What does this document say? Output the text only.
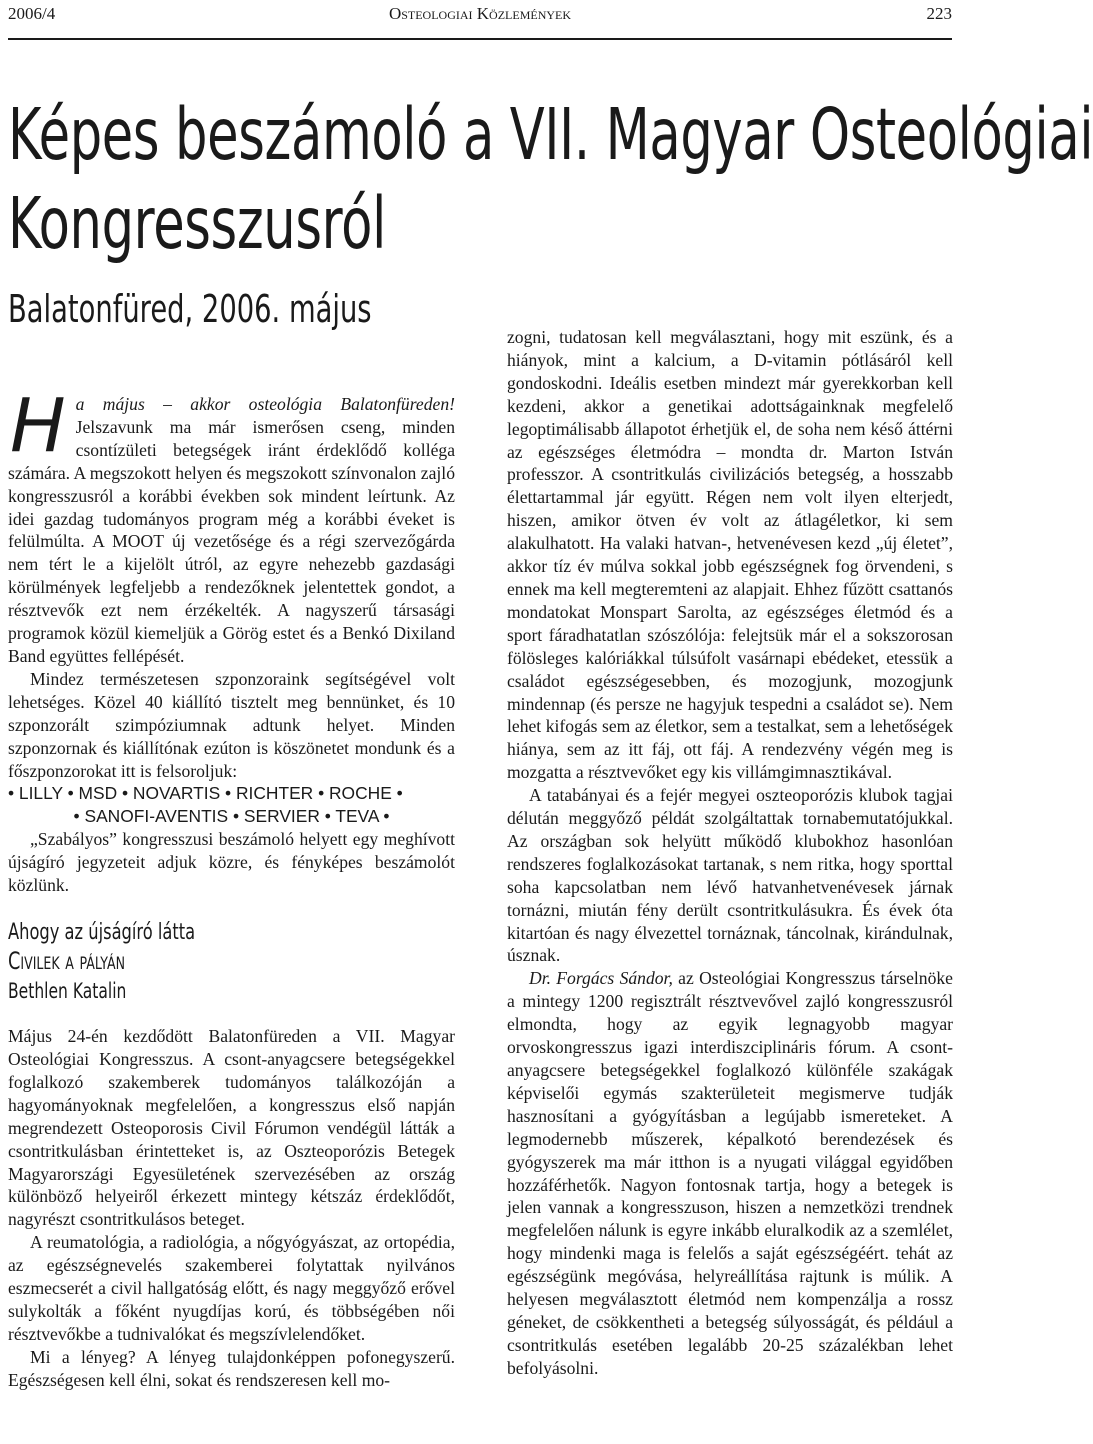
2006/4	Osteologiai Közlemények	223
Képes beszámoló a VII. Magyar Osteológiai
Kongresszusról
Balatonfüred, 2006. május

Ha május – akkor osteológia Balatonfüreden! Jelszavunk ma már ismerősen cseng, minden csontízületi betegségek iránt érdeklődő kolléga számára. A megszokott helyen és megszokott színvonalon zajló kongresszusról a korábbi években sok mindent leírtunk. Az idei gazdag tudományos program még a korábbi éveket is felülmúlta. A MOOT új vezetősége és a régi szervezőgárda nem tért le a kijelölt útról, az egyre nehezebb gazdasági körülmények legfeljebb a rendezőknek jelentettek gondot, a résztvevők ezt nem érzékelték. A nagyszerű társasági programok közül kiemeljük a Görög estet és a Benkó Dixiland Band együttes fellépését.

Mindez természetesen szponzoraink segítségével volt lehetséges. Közel 40 kiállító tisztelt meg bennünket, és 10 szponzorált szimpóziumnak adtunk helyet. Minden szponzornak és kiállítónak ezúton is köszönetet mondunk és a főszponzorokat itt is felsoroljuk:

• LILLY • MSD • NOVARTIS • RICHTER • ROCHE •
• SANOFI-AVENTIS • SERVIER • TEVA •

„Szabályos” kongresszusi beszámoló helyett egy meghívott újságíró jegyzeteit adjuk közre, és fényképes beszámolót közlünk.

Ahogy az újságíró látta
Civilek a pályán
Bethlen Katalin

Május 24-én kezdődött Balatonfüreden a VII. Magyar Osteológiai Kongresszus. A csont-anyagcsere betegségekkel foglalkozó szakemberek tudományos találkozóján a hagyományoknak megfelelően, a kongresszus első napján megrendezett Osteoporosis Civil Fórumon vendégül látták a csontritkulásban érintetteket is, az Oszteoporózis Betegek Magyarországi Egyesületének szervezésében az ország különböző helyeiről érkezett mintegy kétszáz érdeklődőt, nagyrészt csontritkulásos beteget.

A reumatológia, a radiológia, a nőgyógyászat, az ortopédia, az egészségnevelés szakemberei folytattak nyilvános eszmecserét a civil hallgatóság előtt, és nagy meggyőző erővel sulykolták a főként nyugdíjas korú, és többségében női résztvevőkbe a tudnivalókat és megszívlelendőket.

Mi a lényeg? A lényeg tulajdonképpen pofonegyszerű. Egészségesen kell élni, sokat és rendszeresen kell mo-

zogni, tudatosan kell megválasztani, hogy mit eszünk, és a hiányok, mint a kalcium, a D-vitamin pótlásáról kell gondoskodni. Ideális esetben mindezt már gyerekkorban kell kezdeni, akkor a genetikai adottságainknak megfelelő legoptimálisabb állapotot érhetjük el, de soha nem késő áttérni az egészséges életmódra – mondta dr. Marton István professzor. A csontritkulás civilizációs betegség, a hosszabb élettartammal jár együtt. Régen nem volt ilyen elterjedt, hiszen, amikor ötven év volt az átlagéletkor, ki sem alakulhatott. Ha valaki hatvan-, hetvenévesen kezd „új életet”, akkor tíz év múlva sokkal jobb egészségnek fog örvendeni, s ennek ma kell megteremteni az alapjait. Ehhez fűzött csattanós mondatokat Monspart Sarolta, az egészséges életmód és a sport fáradhatatlan szószólója: felejtsük már el a sokszorosan fölösleges kalóriákkal túlsúfolt vasárnapi ebédeket, etessük a családot egészségesebben, és mozogjunk, mozogjunk mindennap (és persze ne hagyjuk tespedni a családot se). Nem lehet kifogás sem az életkor, sem a testalkat, sem a lehetőségek hiánya, sem az itt fáj, ott fáj. A rendezvény végén meg is mozgatta a résztvevőket egy kis villámgimnasztikával.

A tatabányai és a fejér megyei oszteoporózis klubok tagjai délután meggyőző példát szolgáltattak tornabemutatójukkal. Az országban sok helyütt működő klubokhoz hasonlóan rendszeres foglalkozásokat tartanak, s nem ritka, hogy sporttal soha kapcsolatban nem lévő hatvanhetvenévesek járnak tornázni, miután fény derült csontritkulásukra. És évek óta kitartóan és nagy élvezettel tornáznak, táncolnak, kirándulnak, úsznak.

Dr. Forgács Sándor, az Osteológiai Kongresszus társelnöke a mintegy 1200 regisztrált résztvevővel zajló kongresszusról elmondta, hogy az egyik legnagyobb magyar orvoskongresszus igazi interdiszciplináris fórum. A csont-anyagcsere betegségekkel foglalkozó különféle szakágak képviselői egymás szakterületeit megismerve tudják hasznosítani a gyógyításban a legújabb ismereteket. A legmodernebb műszerek, képalkotó berendezések és gyógyszerek ma már itthon is a nyugati világgal egyidőben hozzáférhetők. Nagyon fontosnak tartja, hogy a betegek is jelen vannak a kongresszuson, hiszen a nemzetközi trendnek megfelelően nálunk is egyre inkább eluralkodik az a szemlélet, hogy mindenki maga is felelős a saját egészségéért. tehát az egészségünk megóvása, helyreállítása rajtunk is múlik. A helyesen megválasztott életmód nem kompenzálja a rossz géneket, de csökkentheti a betegség súlyosságát, és például a csontritkulás esetében legalább 20-25 százalékban lehet befolyásolni.
